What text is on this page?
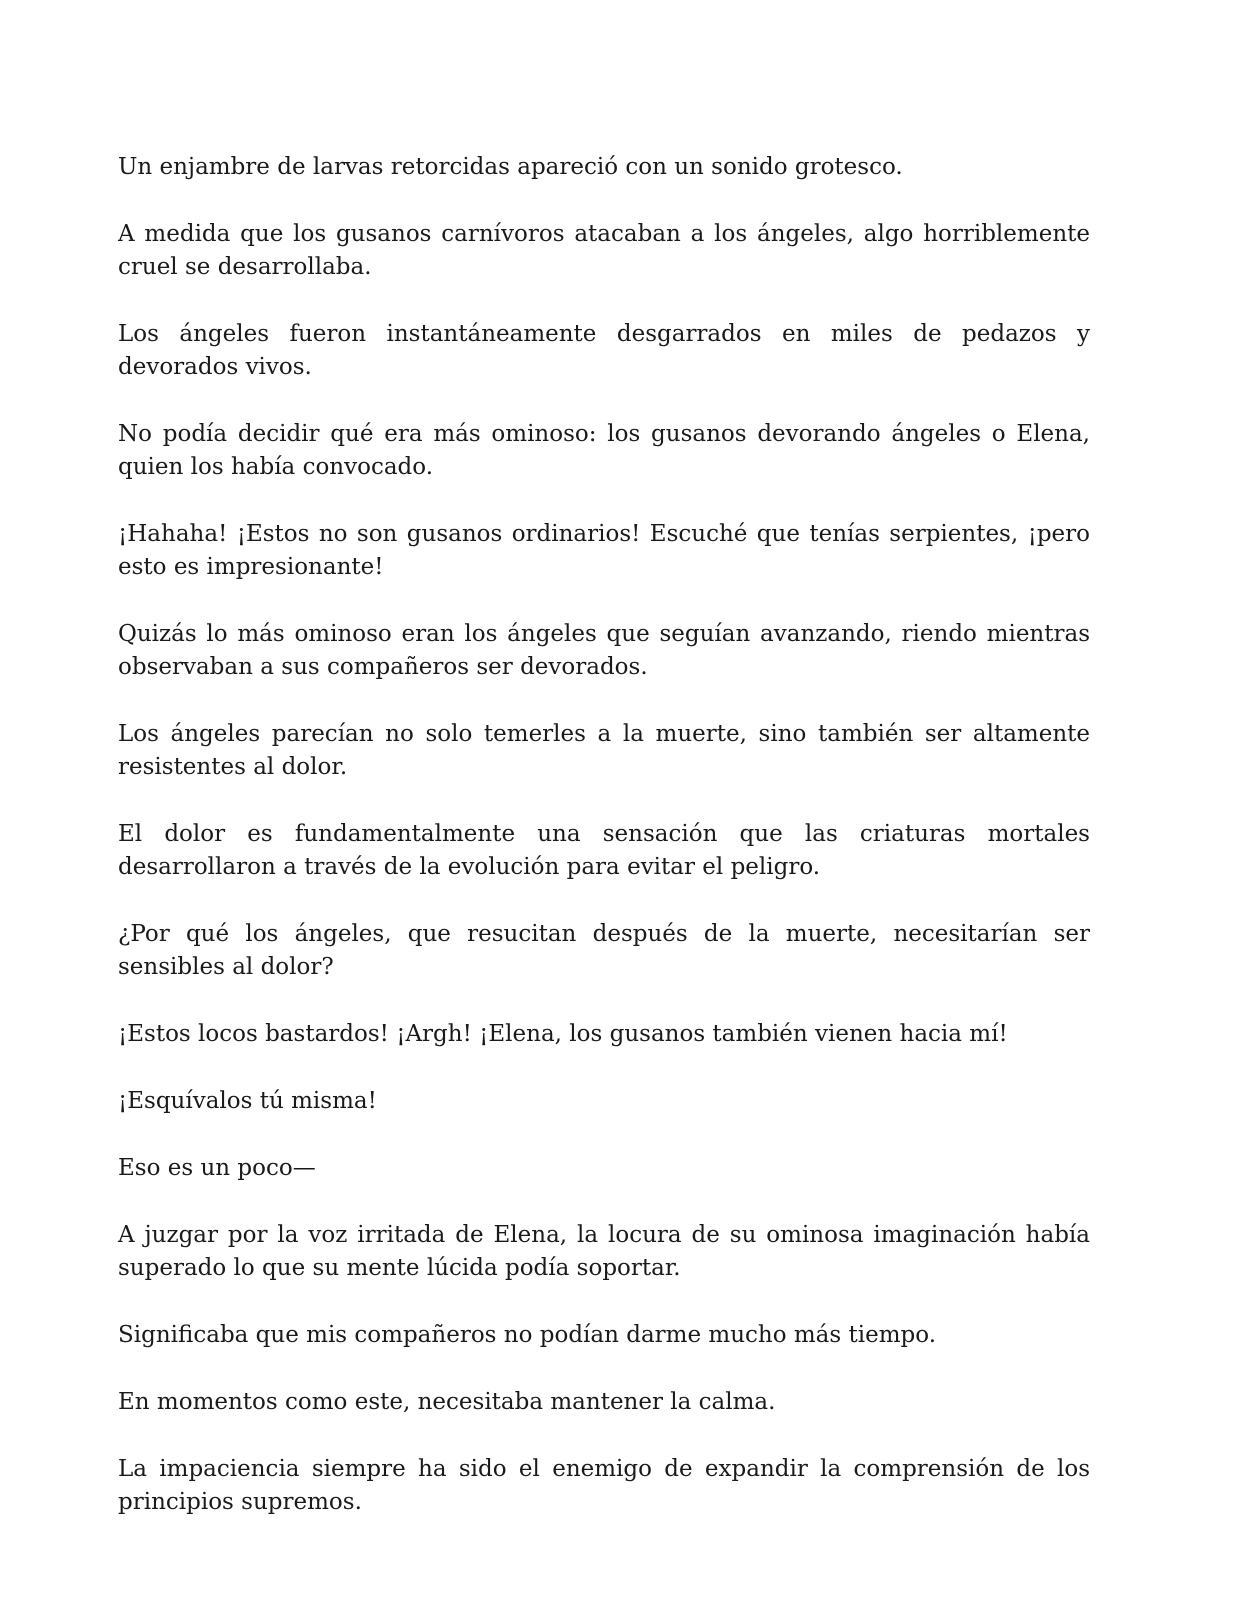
Un enjambre de larvas retorcidas apareció con un sonido grotesco.

A medida que los gusanos carnívoros atacaban a los ángeles, algo horriblemente cruel se desarrollaba.

Los ángeles fueron instantáneamente desgarrados en miles de pedazos y devorados vivos.

No podía decidir qué era más ominoso: los gusanos devorando ángeles o Elena, quien los había convocado.

¡Hahaha! ¡Estos no son gusanos ordinarios! Escuché que tenías serpientes, ¡pero esto es impresionante!

Quizás lo más ominoso eran los ángeles que seguían avanzando, riendo mientras observaban a sus compañeros ser devorados.

Los ángeles parecían no solo temerles a la muerte, sino también ser altamente resistentes al dolor.

El dolor es fundamentalmente una sensación que las criaturas mortales desarrollaron a través de la evolución para evitar el peligro.

¿Por qué los ángeles, que resucitan después de la muerte, necesitarían ser sensibles al dolor?

¡Estos locos bastardos! ¡Argh! ¡Elena, los gusanos también vienen hacia mí!

¡Esquívalos tú misma!

Eso es un poco—

A juzgar por la voz irritada de Elena, la locura de su ominosa imaginación había superado lo que su mente lúcida podía soportar.

Significaba que mis compañeros no podían darme mucho más tiempo.

En momentos como este, necesitaba mantener la calma.

La impaciencia siempre ha sido el enemigo de expandir la comprensión de los principios supremos.
